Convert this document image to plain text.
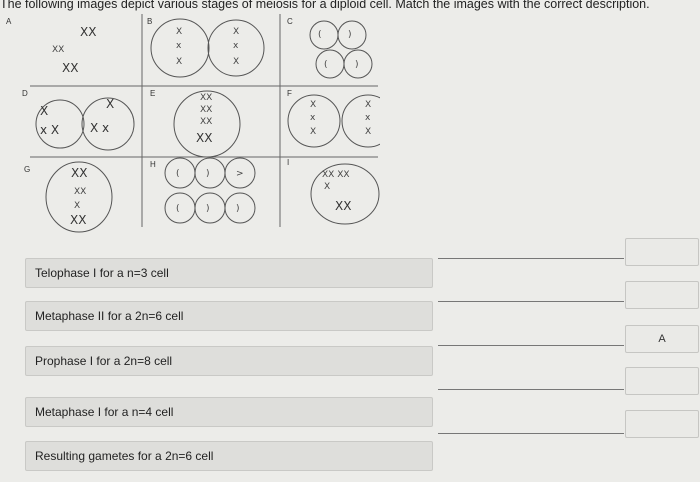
The following images depict various stages of meiosis for a diploid cell. Match the images with the correct description.
A	B	C
D	E	F
G
H	I
XX
XX
XX
X
x
X
X
x
X
(	)
(	)
X
x X
X
X x
XX
XX
XX
XX
X
x
X
X
x
X
XX
XX
X
XX
(	)	>
(	)	)
XX XX
X
XX
Telophase I for a n=3 cell
Metaphase II for a 2n=6 cell
Prophase I for a 2n=8 cell
Metaphase I for a n=4 cell
Resulting gametes for a 2n=6 cell
A
